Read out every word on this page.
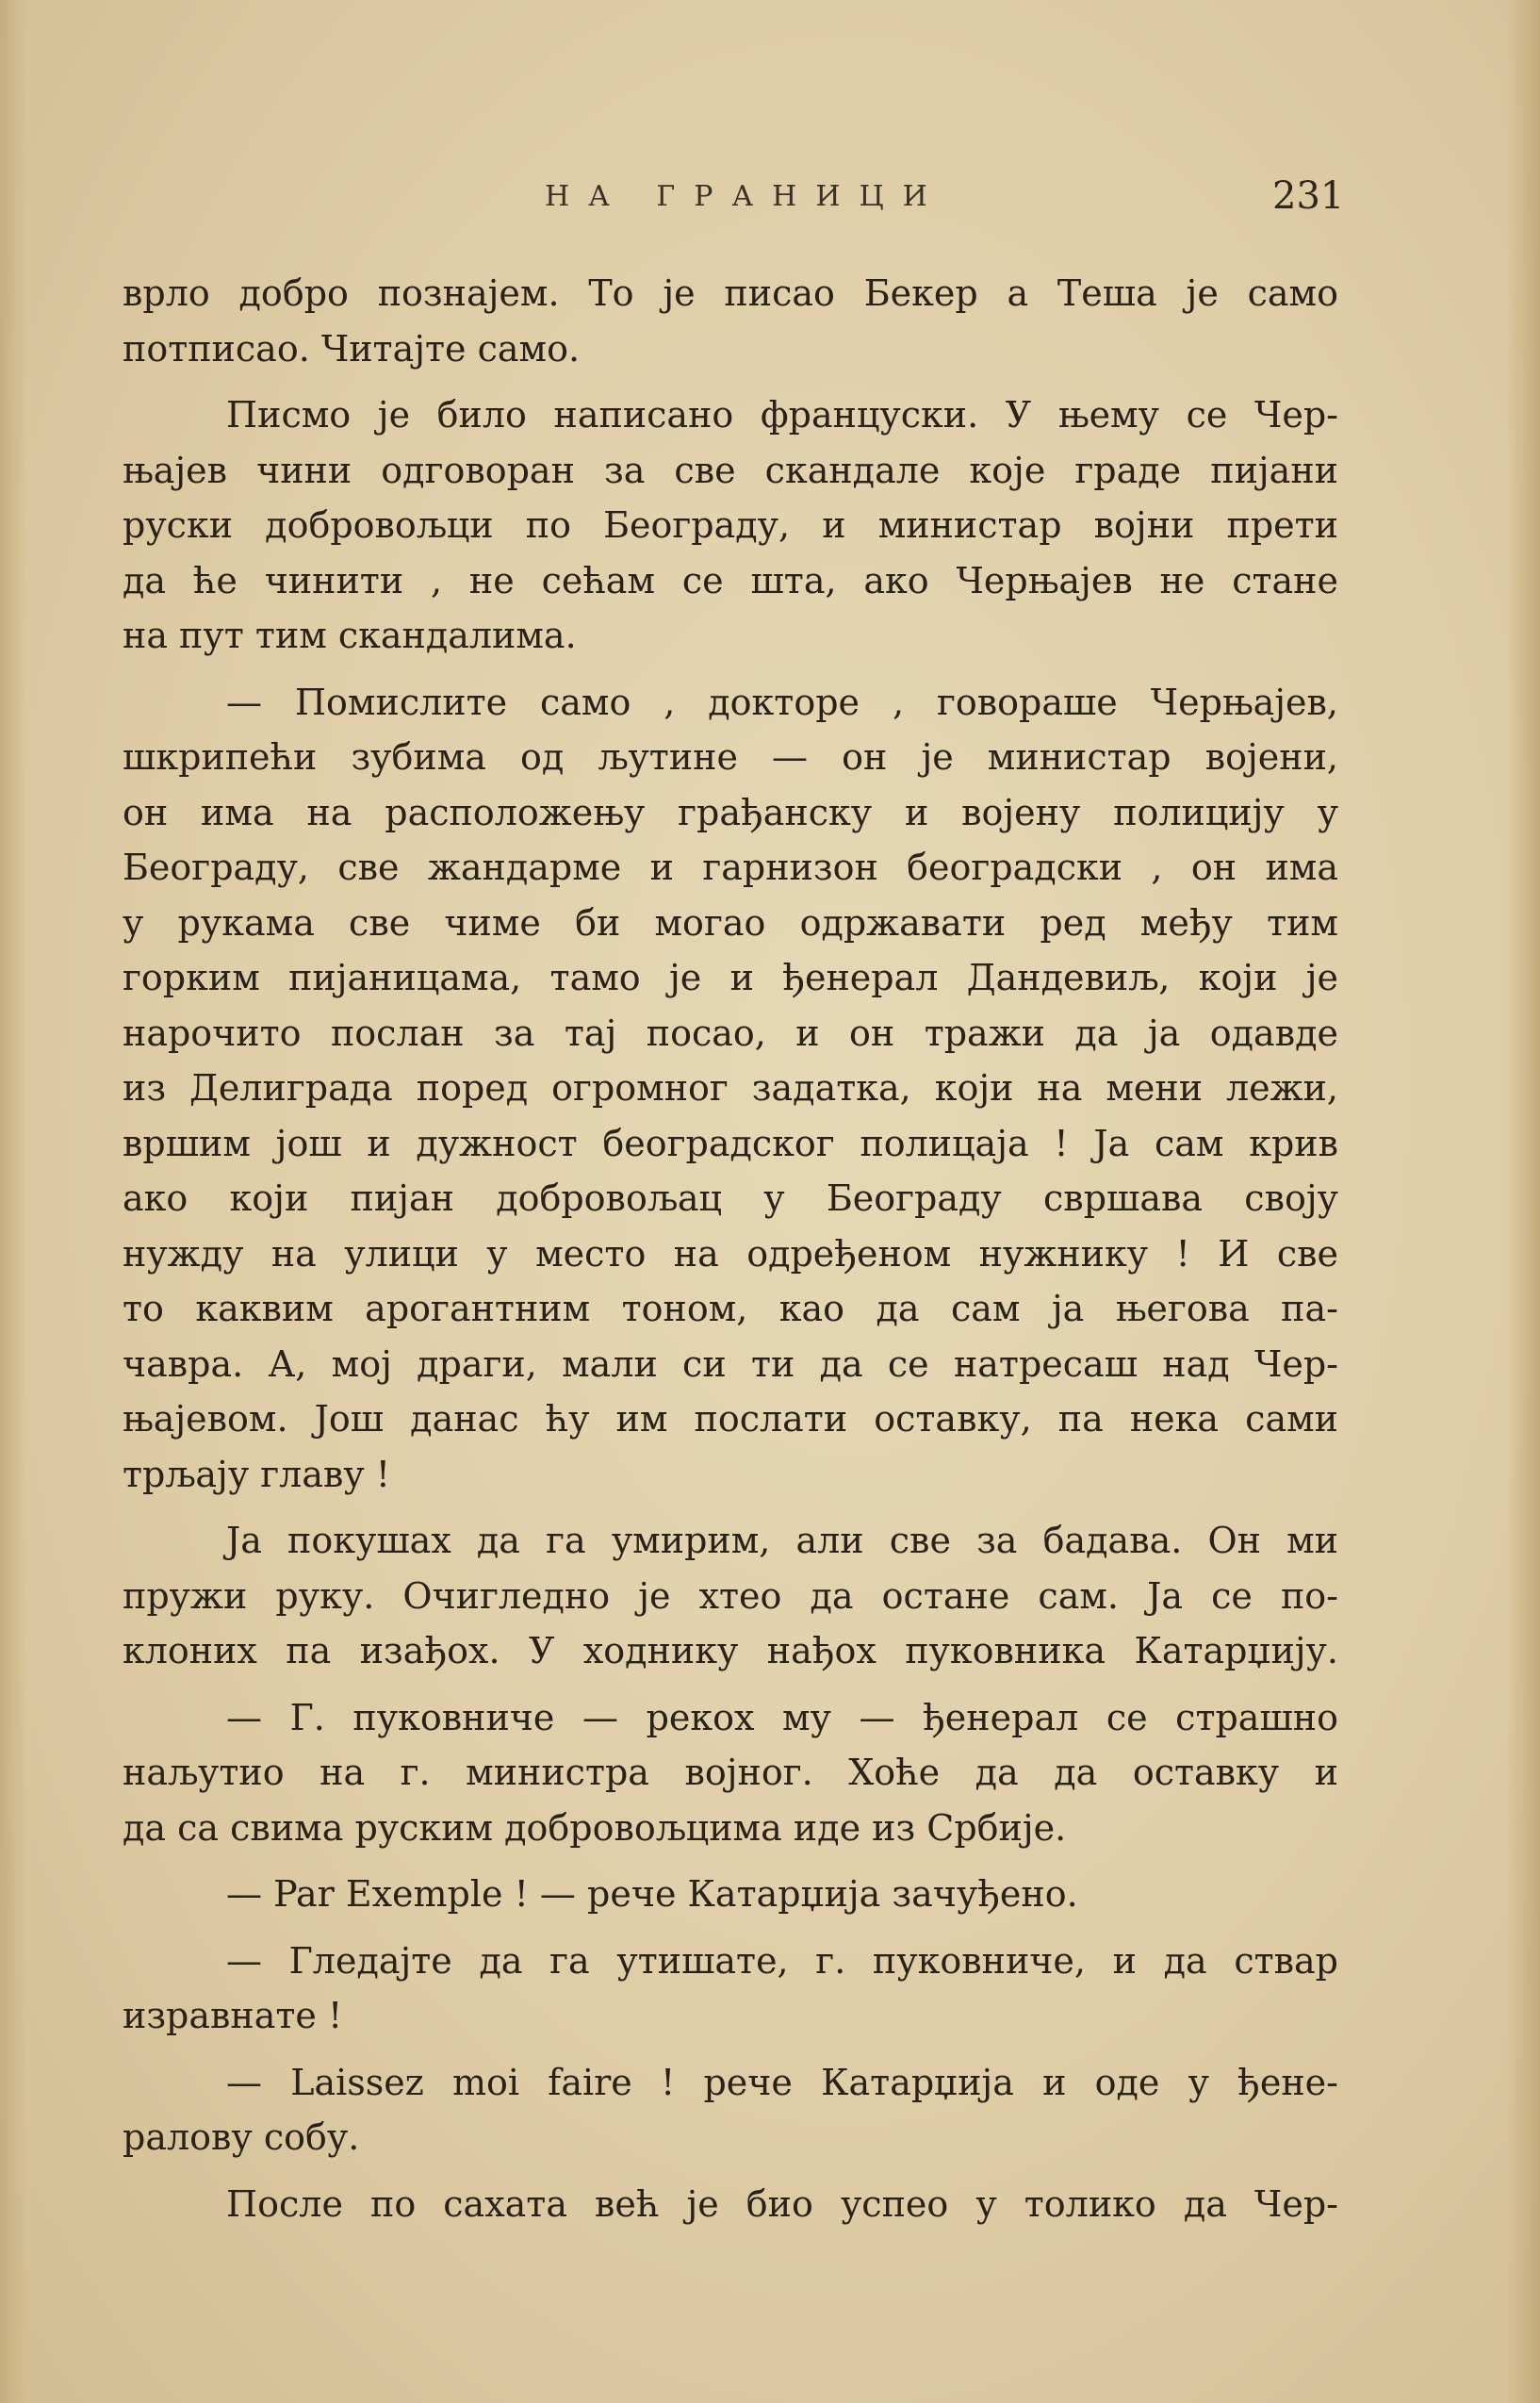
НА ГРАНИЦИ	231
врло добро познајем. То је писао Бекер а Теша је само
потписао. Читајте само.
Писмо је било написано француски. У њему се Чер-
њајев чини одговоран за све скандале које граде пијани
руски добровољци по Београду, и министар војни прети
да ће чинити , не сећам се шта, ако Черњајев не стане
на пут тим скандалима.
— Помислите само , докторе , говораше Черњајев,
шкрипећи зубима од љутине — он је министар војени,
он има на расположењу грађанску и војену полицију у
Београду, све жандарме и гарнизон београдски , он има
у рукама све чиме би могао одржавати ред међу тим
горким пијаницама, тамо је и ђенерал Дандевиљ, који је
нарочито послан за тај посао, и он тражи да ја одавде
из Делиграда поред огромног задатка, који на мени лежи,
вршим још и дужност београдског полицаја ! Ја сам крив
ако који пијан добровољац у Београду свршава своју
нужду на улици у место на одређеном нужнику ! И све
то каквим арогантним тоном, као да сам ја његова па-
чавра. А, мој драги, мали си ти да се натресаш над Чер-
њајевом. Још данас ћу им послати оставку, па нека сами
трљају главу !
Ја покушах да га умирим, али све за бадава. Он ми
пружи руку. Очигледно је хтео да остане сам. Ја се по-
клоних па изађох. У ходнику нађох пуковника Катарџију.
— Г. пуковниче — рекох му — ђенерал се страшно
наљутио на г. министра војног. Хоће да да оставку и
да са свима руским добровољцима иде из Србије.
— Par Exemple ! — рече Катарџија зачуђено.
— Гледајте да га утишате, г. пуковниче, и да ствар
изравнате !
— Laissez moi faire ! рече Катарџија и оде у ђене-
ралову собу.
После по сахата већ је био успео у толико да Чер-
